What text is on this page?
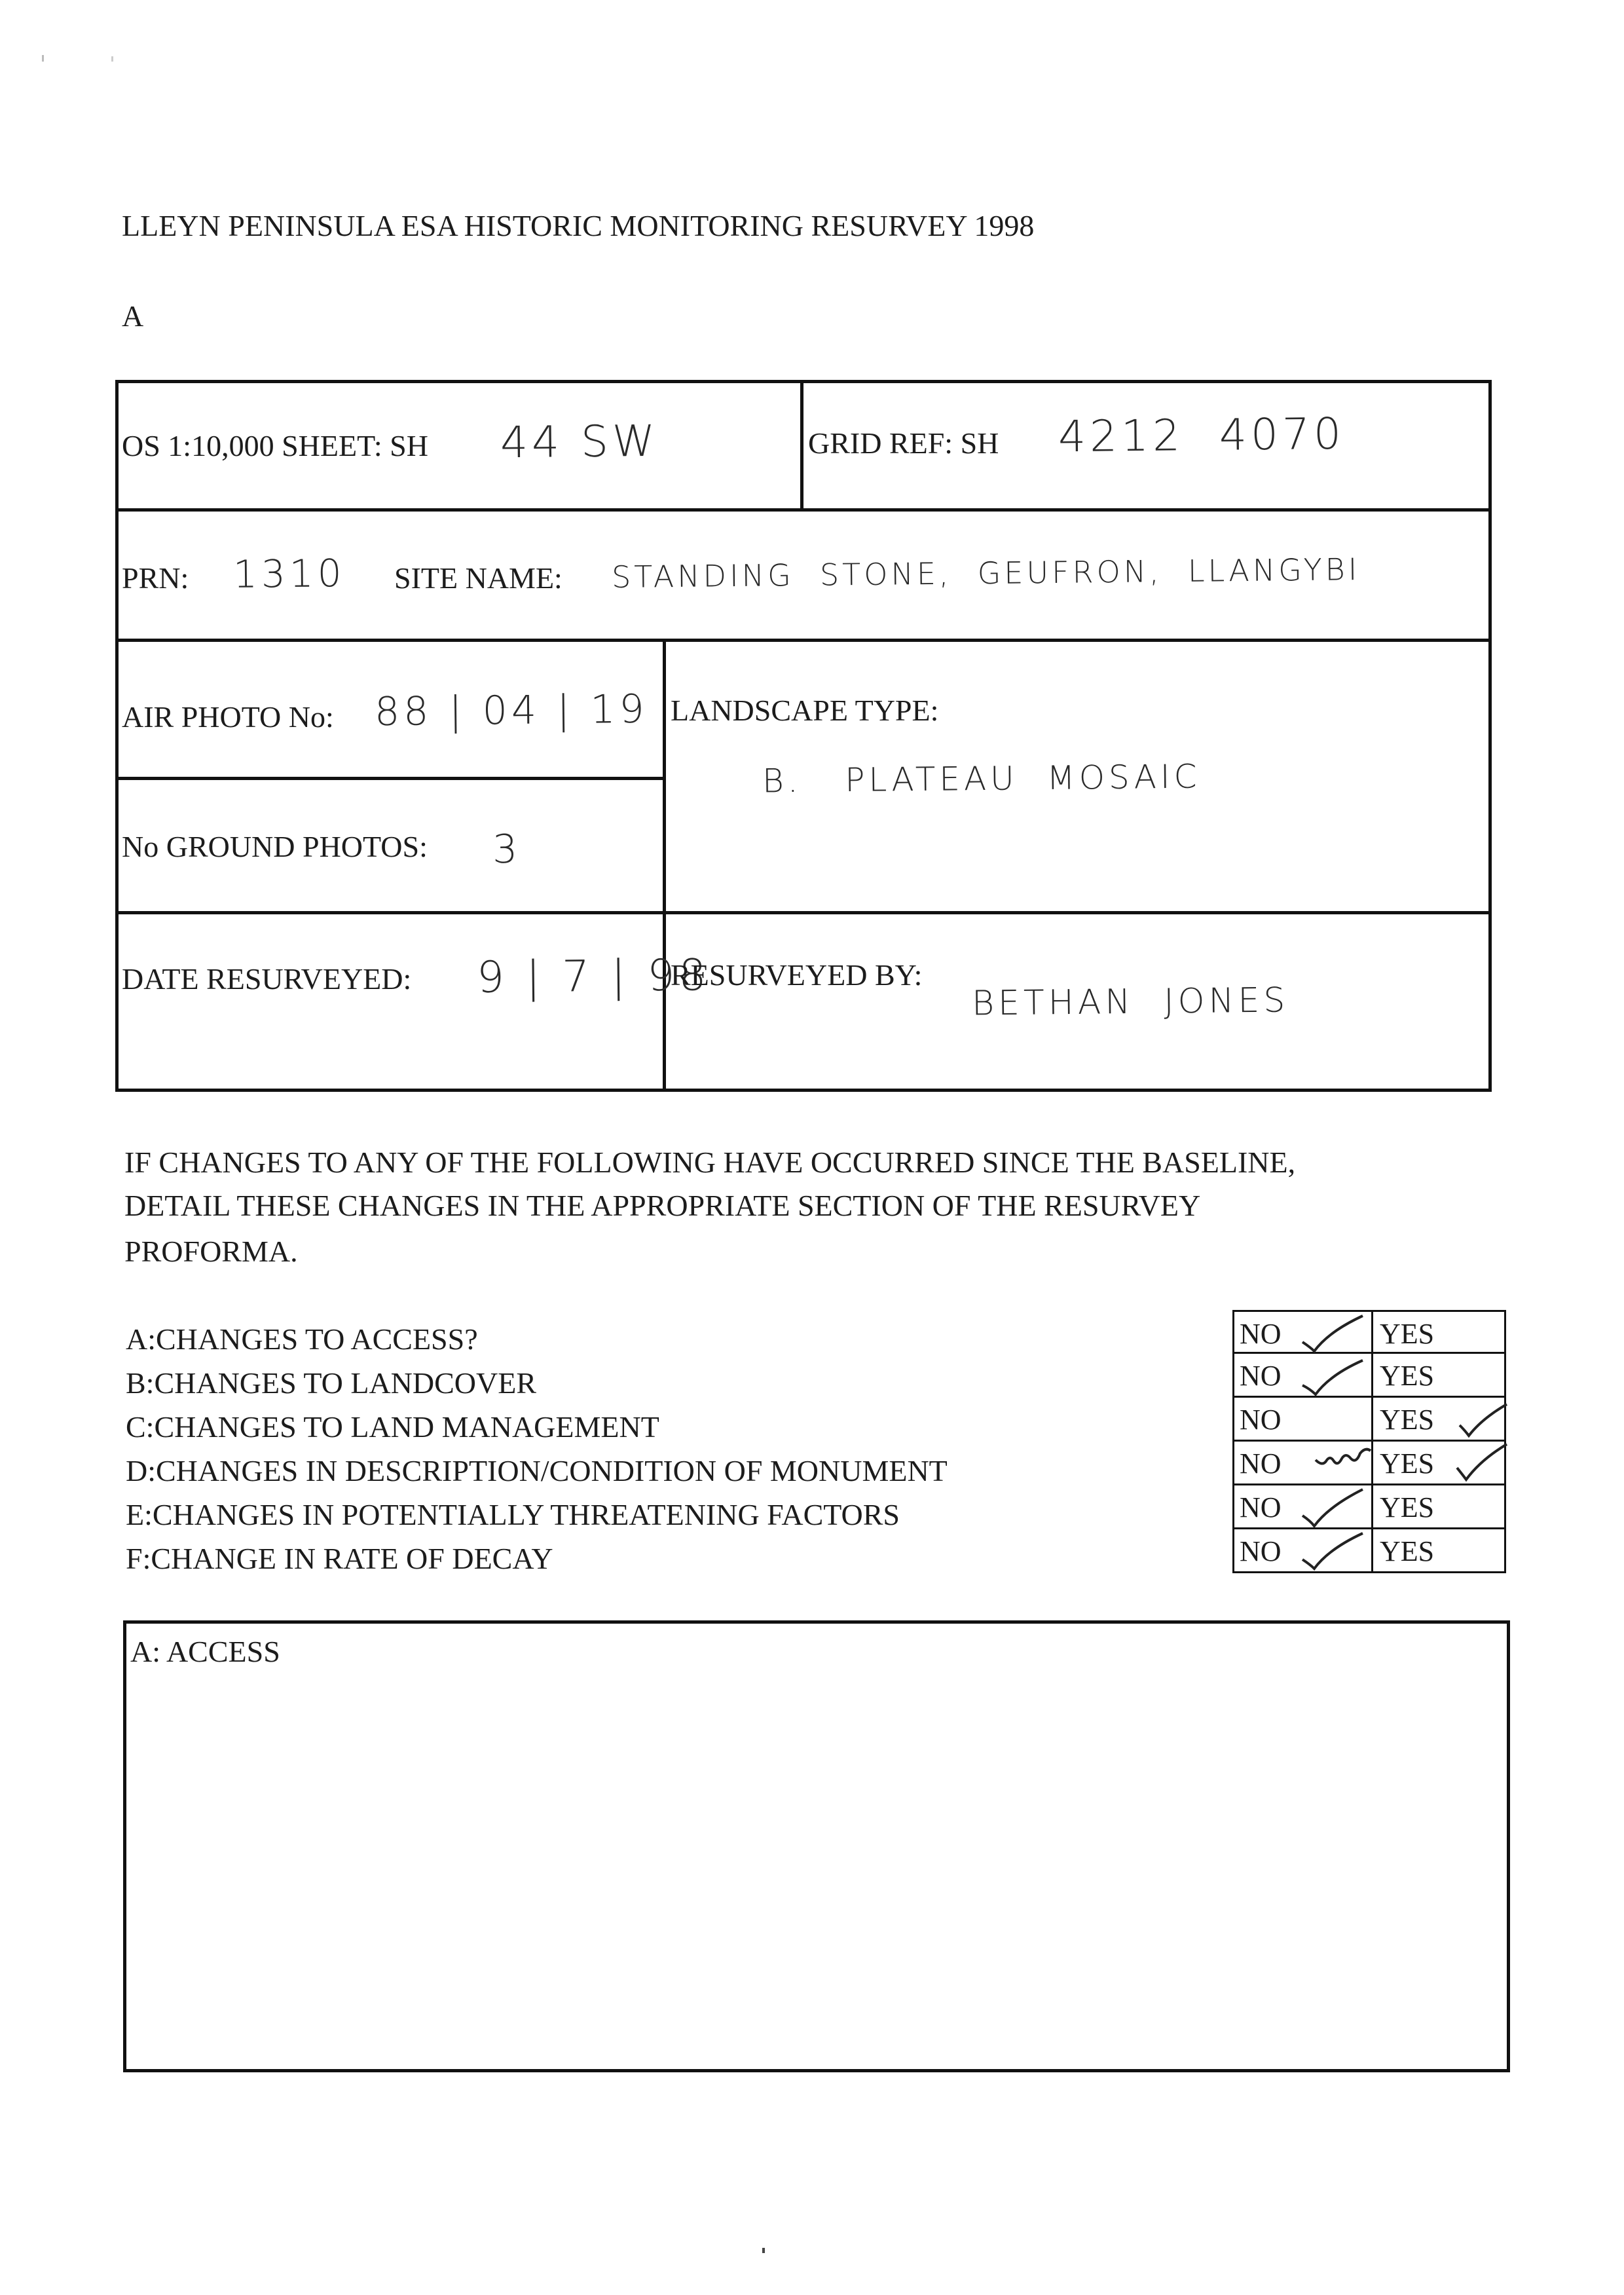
LLEYN PENINSULA ESA HISTORIC MONITORING RESURVEY 1998
A
OS 1:10,000 SHEET: SH 44 SW	GRID REF: SH 4212  4070
PRN: 1310 SITE NAME: STANDING  STONE,  GEUFRON,  LLANGYBI
AIR PHOTO No: 88 | 04 | 19 LANDSCAPE TYPE:
B.   PLATEAU  MOSAIC
No GROUND PHOTOS: 3
DATE RESURVEYED: 9 | 7 | 98
RESURVEYED BY:
BETHAN  JONES
IF CHANGES TO ANY OF THE FOLLOWING HAVE OCCURRED SINCE THE BASELINE,
DETAIL THESE CHANGES IN THE APPROPRIATE SECTION OF THE RESURVEY
PROFORMA.
A:CHANGES TO ACCESS?
B:CHANGES TO LANDCOVER
C:CHANGES TO LAND MANAGEMENT
D:CHANGES IN DESCRIPTION/CONDITION OF MONUMENT
E:CHANGES IN POTENTIALLY THREATENING FACTORS
F:CHANGE IN RATE OF DECAY
NO	YES
NO	YES
NO	YES
NO	YES
NO	YES
NO	YES
A: ACCESS
